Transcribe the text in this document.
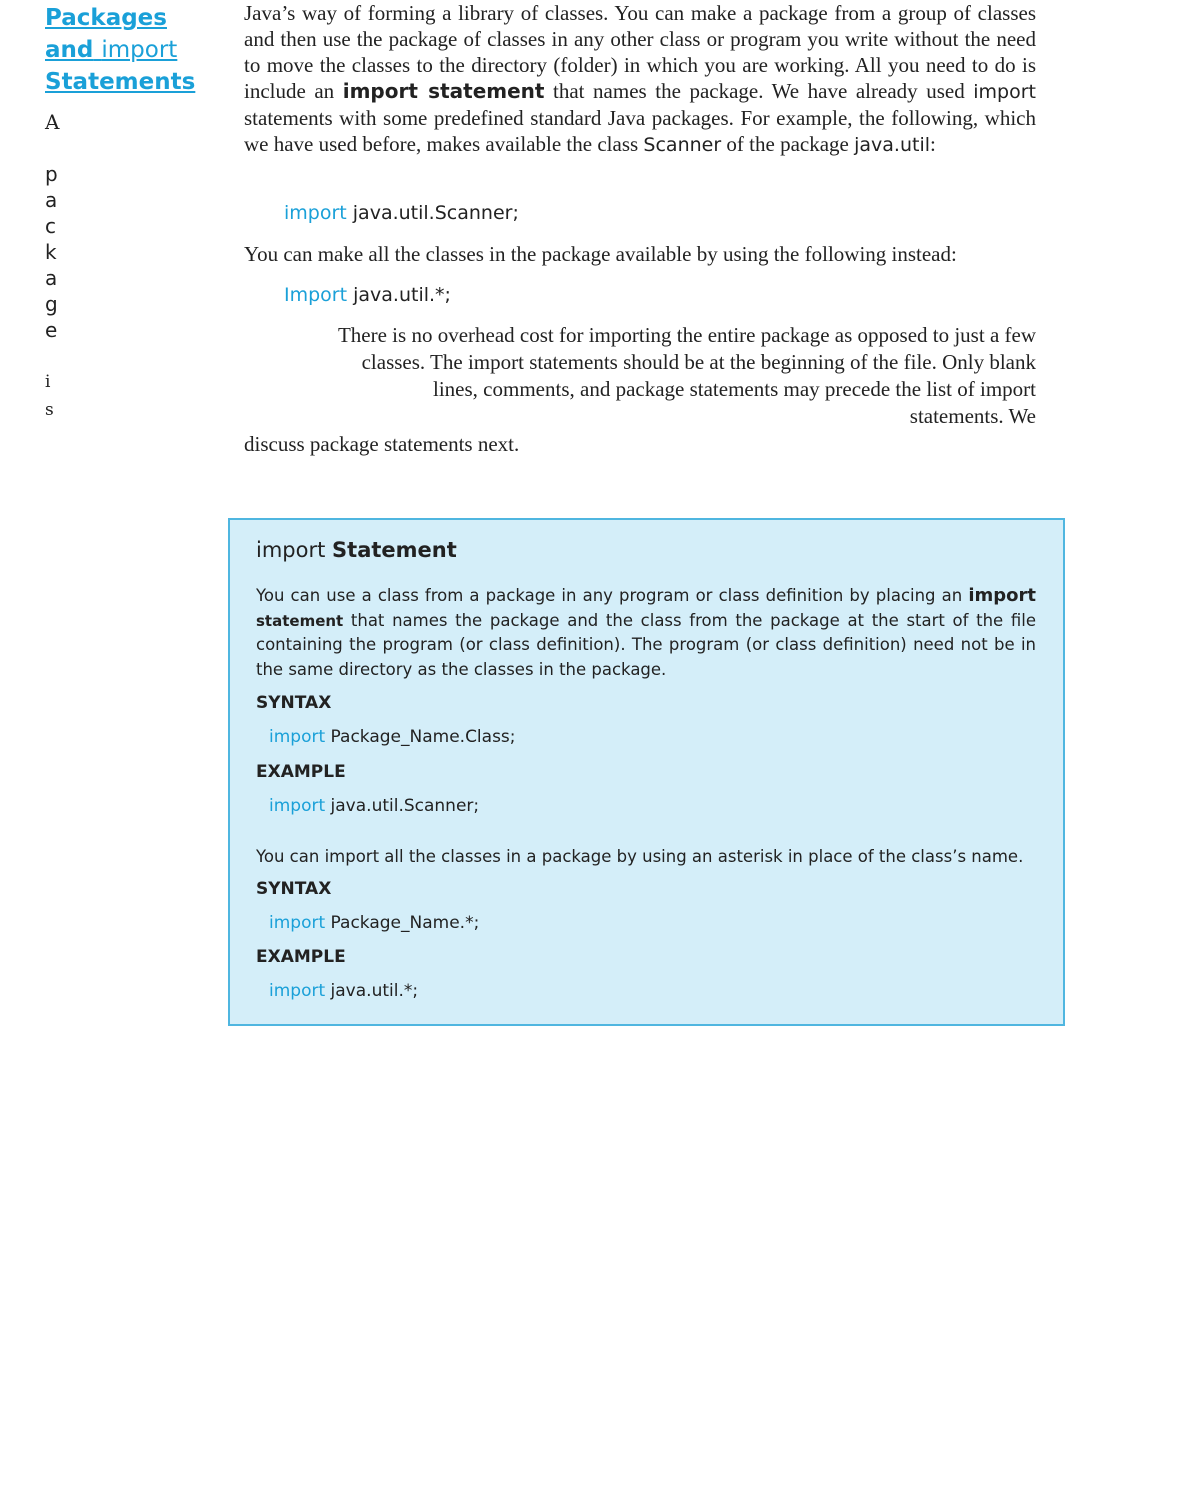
Packages
and import
Statements
A
p
a
c
k
a
g
e
i
s

Java’s way of forming a library of classes. You can make a package from a group of classes and then use the package of classes in any other class or program you write without the need to move the classes to the directory (folder) in which you are working. All you need to do is include an import statement that names the package. We have already used import statements with some predefined standard Java packages. For example, the following, which we have used before, makes available the class Scanner of the package java.util:

import java.util.Scanner;
You can make all the classes in the package available by using the following instead:
Import java.util.*;
There is no overhead cost for importing the entire package as opposed to just a few
classes. The import statements should be at the beginning of the file. Only blank
lines, comments, and package statements may precede the list of import
statements. We
discuss package statements next.
import Statement
You can use a class from a package in any program or class definition by placing an import statement that names the package and the class from the package at the start of the file containing the program (or class definition). The program (or class definition) need not be in the same directory as the classes in the package.
SYNTAX
import Package_Name.Class;
EXAMPLE
import java.util.Scanner;
You can import all the classes in a package by using an asterisk in place of the class’s name.
SYNTAX
import Package_Name.*;
EXAMPLE
import java.util.*;
